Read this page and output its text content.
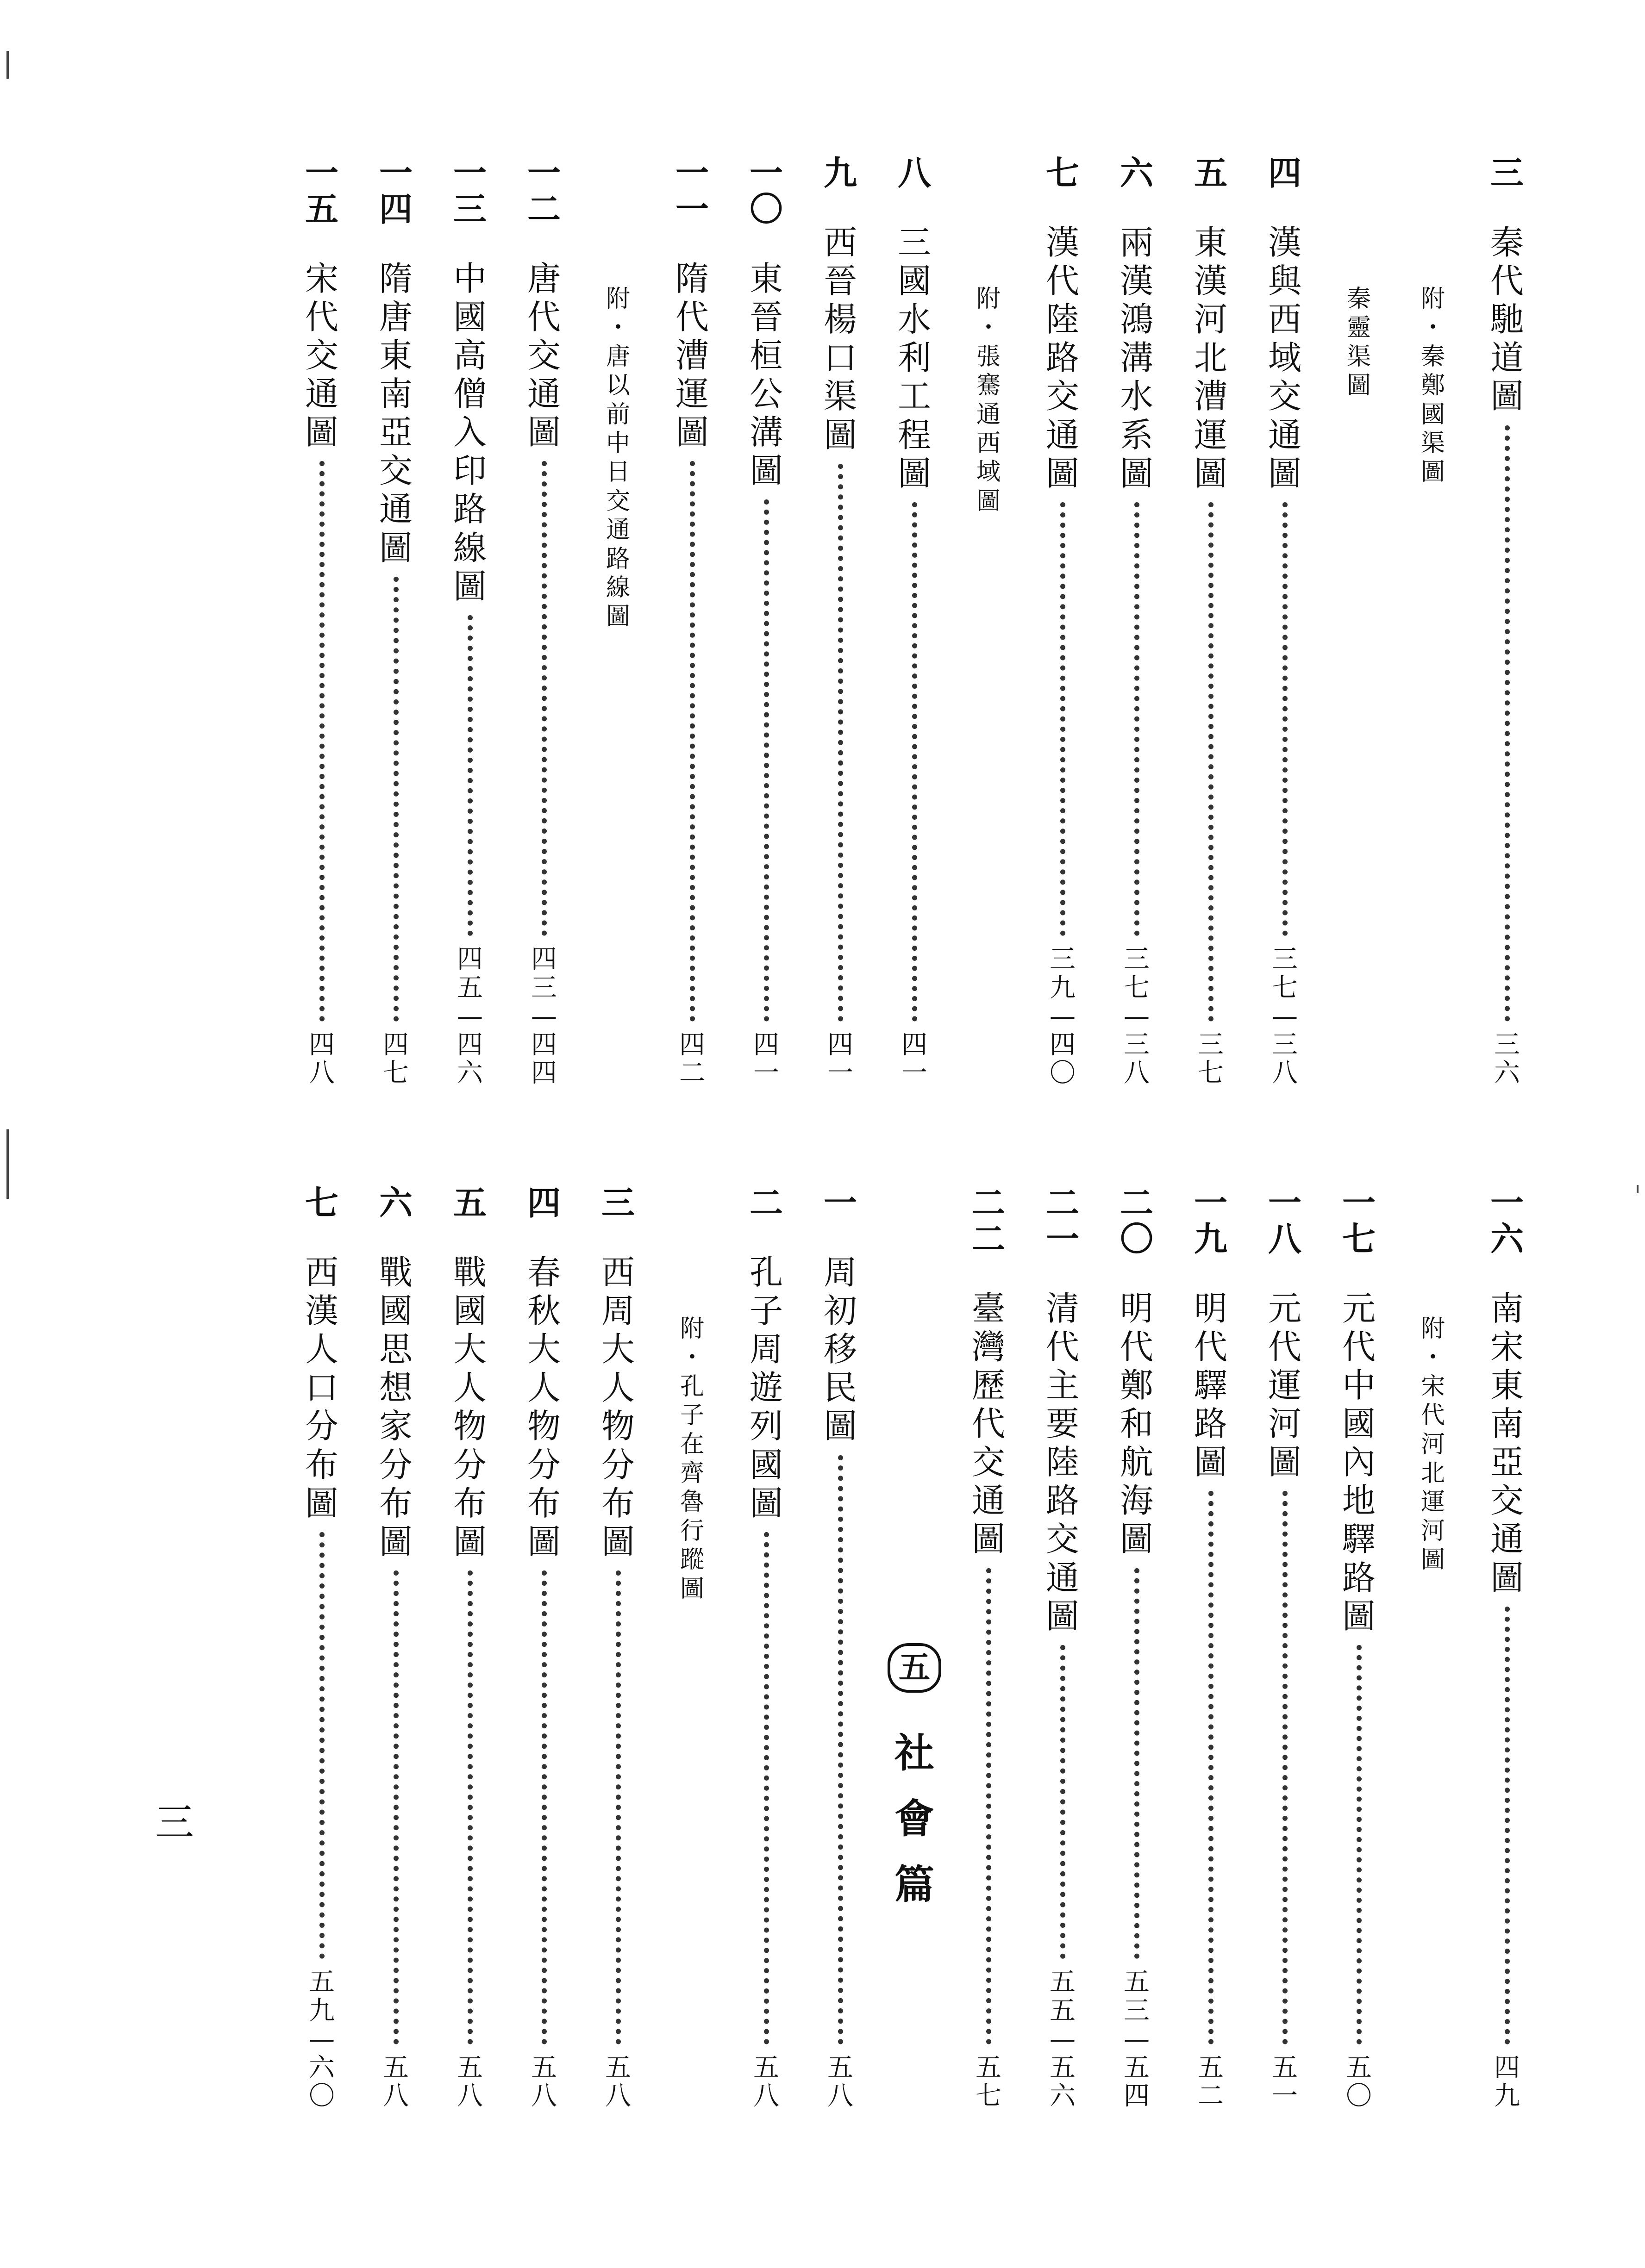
三
秦
代
馳
道
圖
三
六
附
・
秦
鄭
國
渠
圖
秦
靈
渠
圖
四
漢
與
西
域
交
通
圖
三
七
—
三
八
五
東
漢
河
北
漕
運
圖
三
七
六
兩
漢
鴻
溝
水
系
圖
三
七
—
三
八
七
漢
代
陸
路
交
通
圖
三
九
—
四
〇
附
・
張
騫
通
西
域
圖
八
三
國
水
利
工
程
圖
四
一
九
西
晉
楊
口
渠
圖
四
一
一
〇
東
晉
桓
公
溝
圖
四
一
一
一
隋
代
漕
運
圖
四
二
附
・
唐
以
前
中
日
交
通
路
線
圖
一
二
唐
代
交
通
圖
四
三
—
四
四
一
三
中
國
高
僧
入
印
路
線
圖
四
五
—
四
六
一
四
隋
唐
東
南
亞
交
通
圖
四
七
一
五
宋
代
交
通
圖
四
八
一
六
南
宋
東
南
亞
交
通
圖
四
九
附
・
宋
代
河
北
運
河
圖
一
七
元
代
中
國
內
地
驛
路
圖
五
〇
一
八
元
代
運
河
圖
五
一
一
九
明
代
驛
路
圖
五
二
二
〇
明
代
鄭
和
航
海
圖
五
三
—
五
四
二
一
清
代
主
要
陸
路
交
通
圖
五
五
—
五
六
二
二
臺
灣
歷
代
交
通
圖
五
七
五
社
會
篇
一
周
初
移
民
圖
五
八
二
孔
子
周
遊
列
國
圖
五
八
附
・
孔
子
在
齊
魯
行
蹤
圖
三
西
周
大
人
物
分
布
圖
五
八
四
春
秋
大
人
物
分
布
圖
五
八
五
戰
國
大
人
物
分
布
圖
五
八
六
戰
國
思
想
家
分
布
圖
五
八
七
西
漢
人
口
分
布
圖
五
九
—
六
〇
三
